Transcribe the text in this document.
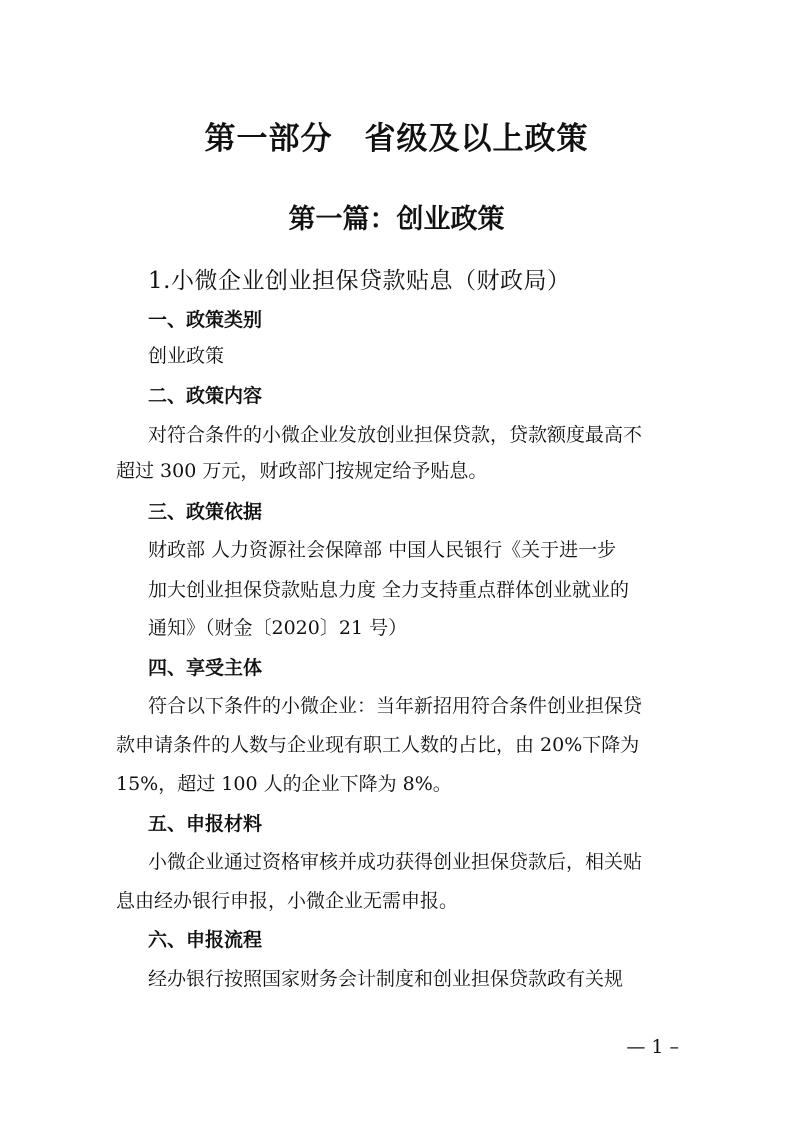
第一部分　省级及以上政策
第一篇：创业政策
1.小微企业创业担保贷款贴息（财政局）
一、政策类别
创业政策
二、政策内容
对符合条件的小微企业发放创业担保贷款，贷款额度最高不
超过 300 万元，财政部门按规定给予贴息。
三、政策依据
财政部 人力资源社会保障部 中国人民银行《关于进一步
加大创业担保贷款贴息力度 全力支持重点群体创业就业的
通知》（财金〔2020〕21 号）
四、享受主体
符合以下条件的小微企业：当年新招用符合条件创业担保贷
款申请条件的人数与企业现有职工人数的占比，由 20%下降为
15%，超过 100 人的企业下降为 8%。
五、申报材料
小微企业通过资格审核并成功获得创业担保贷款后，相关贴
息由经办银行申报，小微企业无需申报。
六、申报流程
经办银行按照国家财务会计制度和创业担保贷款政有关规
— 1 –
